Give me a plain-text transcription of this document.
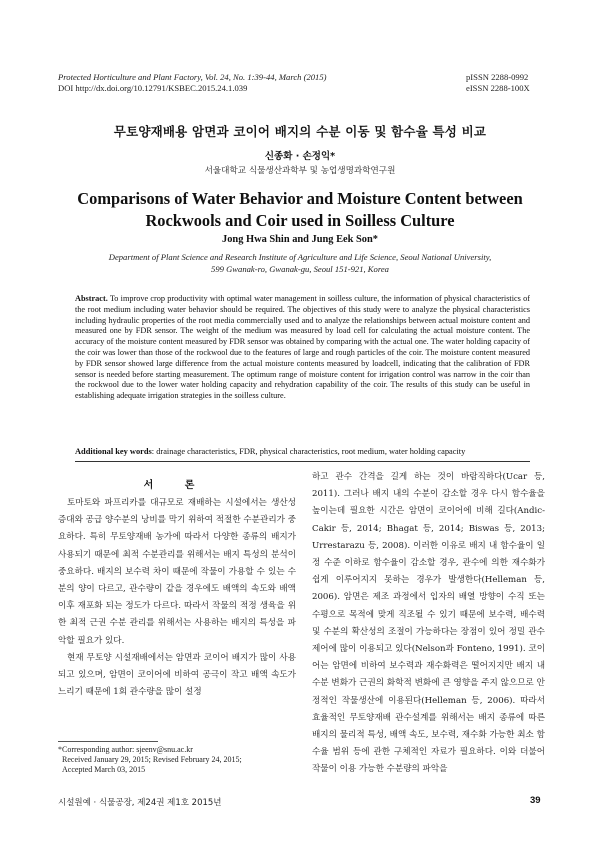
Protected Horticulture and Plant Factory, Vol. 24, No. 1:39-44, March (2015)
DOI http://dx.doi.org/10.12791/KSBEC.2015.24.1.039
pISSN 2288-0992
eISSN 2288-100X
무토양재배용 암면과 코이어 배지의 수분 이동 및 함수율 특성 비교
신종화 · 손정익*
서울대학교 식물생산과학부 및 농업생명과학연구원
Comparisons of Water Behavior and Moisture Content between Rockwools and Coir used in Soilless Culture
Jong Hwa Shin and Jung Eek Son*
Department of Plant Science and Research Institute of Agriculture and Life Science, Seoul National University,
599 Gwanak-ro, Gwanak-gu, Seoul 151-921, Korea
Abstract. To improve crop productivity with optimal water management in soilless culture, the information of physical characteristics of the root medium including water behavior should be required. The objectives of this study were to analyze the physical characteristics including hydraulic properties of the root media commercially used and to analyze the relationships between actual moisture content and measured one by FDR sensor. The weight of the medium was measured by load cell for calculating the actual moisture content. The accuracy of the moisture content measured by FDR sensor was obtained by comparing with the actual one. The water holding capacity of the coir was lower than those of the rockwool due to the features of large and rough particles of the coir. The moisture content measured by FDR sensor showed large difference from the actual moisture contents measured by loadcell, indicating that the calibration of FDR sensor is needed before starting measurement. The optimum range of moisture content for irrigation control was narrow in the coir than the rockwool due to the lower water holding capacity and rehydration capability of the coir. The results of this study can be useful in establishing adequate irrigation strategies in the soilless culture.
Additional key words: drainage characteristics, FDR, physical characteristics, root medium, water holding capacity
서 론

토마토와 파프리카를 대규모로 재배하는 시설에서는 생산성 증대와 공급 양수분의 낭비를 막기 위하여 적절한 수분관리가 중요하다. 특히 무토양재배 농가에 따라서 다양한 종류의 배지가 사용되기 때문에 최적 수분관리를 위해서는 배지 특성의 분석이 중요하다. 배지의 보수력 차이 때문에 작물이 가용할 수 있는 수분의 양이 다르고, 관수량이 같을 경우에도 배액의 속도와 배액 이후 재포화 되는 정도가 다르다. 따라서 작물의 적정 생육을 위한 최적 근권 수분 관리를 위해서는 사용하는 배지의 특성을 파악할 필요가 있다.

현재 무토양 시설재배에서는 암면과 코이어 배지가 많이 사용되고 있으며, 암면이 코이어에 비하여 공극이 작고 배액 속도가 느리기 때문에 1회 관수량을 많이 설정

*Corresponding author: sjeenv@snu.ac.kr
Received January 29, 2015; Revised February 24, 2015;
Accepted March 03, 2015

하고 관수 간격을 길게 하는 것이 바람직하다(Ucar 등, 2011). 그러나 배지 내의 수분이 감소할 경우 다시 함수율을 높이는데 필요한 시간은 암면이 코이어에 비해 길다(Andic-Cakir 등, 2014; Bhagat 등, 2014; Biswas 등, 2013; Urrestarazu 등, 2008). 이러한 이유로 배지 내 함수율이 일정 수준 이하로 함수율이 감소할 경우, 관수에 의한 재수화가 쉽게 이루어지지 못하는 경우가 발생한다(Helleman 등, 2006). 암면은 제조 과정에서 입자의 배열 방향이 수직 또는 수평으로 목적에 맞게 직조될 수 있기 때문에 보수력, 배수력 및 수분의 확산성의 조절이 가능하다는 장점이 있어 정밀 관수제어에 많이 이용되고 있다(Nelson과 Fonteno, 1991). 코이어는 암면에 비하여 보수력과 재수화력은 떨어지지만 배지 내 수분 변화가 근권의 화학적 변화에 큰 영향을 주지 않으므로 안정적인 작물생산에 이용된다(Helleman 등, 2006). 따라서 효율적인 무토양재배 관수설계를 위해서는 배지 종류에 따른 배지의 물리적 특성, 배액 속도, 보수력, 재수화 가능한 최소 함수율 범위 등에 관한 구체적인 자료가 필요하다. 이와 더불어 작물이 이용 가능한 수분량의 파악을

시설원예 · 식물공장, 제24권 제1호 2015년	39
